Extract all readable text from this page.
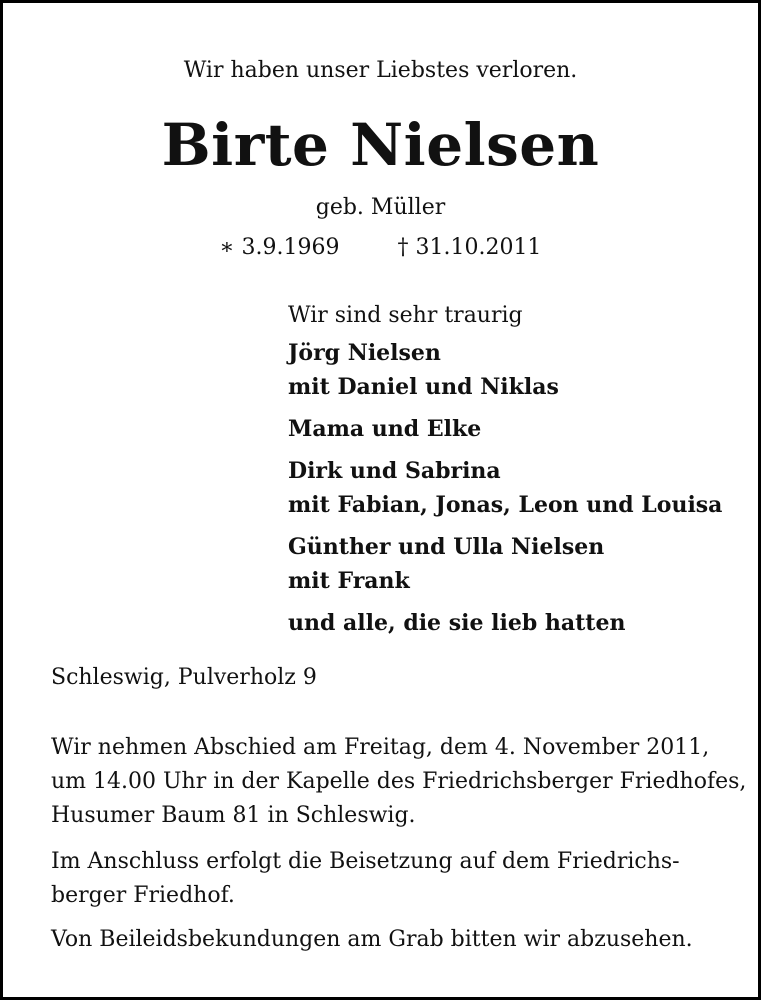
Wir haben unser Liebstes verloren.
Birte Nielsen
geb. Müller
∗ 3.9.1969	† 31.10.2011
Wir sind sehr traurig
Jörg Nielsen
mit Daniel und Niklas
Mama und Elke
Dirk und Sabrina
mit Fabian, Jonas, Leon und Louisa
Günther und Ulla Nielsen
mit Frank
und alle, die sie lieb hatten
Schleswig, Pulverholz 9
Wir nehmen Abschied am Freitag, dem 4. November 2011,
um 14.00 Uhr in der Kapelle des Friedrichsberger Friedhofes,
Husumer Baum 81 in Schleswig.
Im Anschluss erfolgt die Beisetzung auf dem Friedrichs-
berger Friedhof.
Von Beileidsbekundungen am Grab bitten wir abzusehen.
